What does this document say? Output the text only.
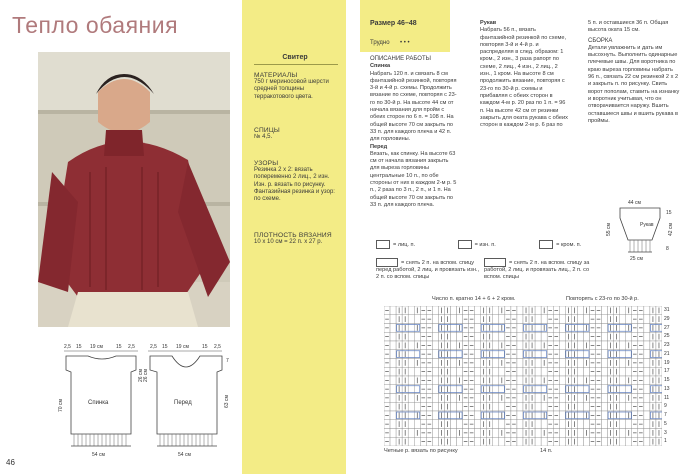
Тепло обаяния
Свитер
МАТЕРИАЛЫ
750 г мериносовой шерсти средней толщины терракотового цвета.
СПИЦЫ
№ 4,5.
УЗОРЫ
Резинка 2 х 2: вязать попеременно 2 лиц., 2 изн. Изн. р. вязать по рисунку. Фантазийная резинка и узор: по схеме.
ПЛОТНОСТЬ ВЯЗАНИЯ
10 х 10 см = 22 п. х 27 р.
2,5 15 19 см	15 2,5	2,5 15 19 см	15 2,5
Спинка	Перед
70 см
26 см 26 см
7
63 см
54 см	54 см
46
Размер 46–48
Трудно • • •
ОПИСАНИЕ РАБОТЫ
Спинка
Набрать 120 п. и связать 8 см фантазийной резинкой, повторяя 3-й и 4-й р. схемы. Продолжить вязание по схеме, повторяя с 23-го по 30-й р. На высоте 44 см от начала вязания для пройм с обеих сторон по 6 п. = 108 п. На общей высоте 70 см закрыть по 33 п. для каждого плеча и 42 п. для горловины.
Перед
Вязать, как спинку. На высоте 63 см от начала вязания закрыть для выреза горловины центральные 10 п., по обе стороны от них в каждом 2-м р. 5 п., 2 раза по 3 п., 2 п., и 1 п. На общей высоте 70 см закрыть по 33 п. для каждого плеча.
Рукав
Набрать 56 п., вязать фантазийной резинкой по схеме, повторяя 3-й и 4-й р. и распределяя в след. образом: 1 кром., 2 изн., 3 раза рапорт по схеме, 2 лиц., 4 изн., 2 лиц., 2 изн., 1 кром. На высоте 8 см продолжить вязание, повторяя с 23-го по 30-й р. схемы и прибавляя с обеих сторон в каждом 4-м р. 20 раз по 1 п. = 96 п. На высоте 42 см от резинки закрыть для оката рукава с обеих сторон в каждом 2-м р. 6 раз по
5 п. и оставшиеся 36 п. Общая высота оката 15 см.
СБОРКА
Детали увлажнить и дать им высохнуть. Выполнить одинарные плечевые швы. Для воротника по краю выреза горловины набрать 96 п., связать 22 см резинкой 2 х 2 и закрыть п. по рисунку. Свить ворот пополам, ставить на изнанку и воротник учитывая, что он отворачивается наружу. Вшить оставшиеся швы и вшить рукава в проймы.
44 см
Рукав
15
42 см
55 см
25 см
8
= лиц. п.	= изн. п.	= кром. п.
= снять 2 п. на вспом. спицу перед работой, 2 лиц. и провязать изн., 2 п. со вспом. спицы
= снять 2 п. на вспом. спицу за работой, 2 лиц. и провязать лиц., 2 п. со вспом. спицы
Число п. кратно 14 + 6 + 2 кром.	Повторять с 23-го по 30-й р.
31
29
27
25
23
21
19
17
15
13
11
9
7
5
3
1
Четные р. вязать по рисунку	14 п.
